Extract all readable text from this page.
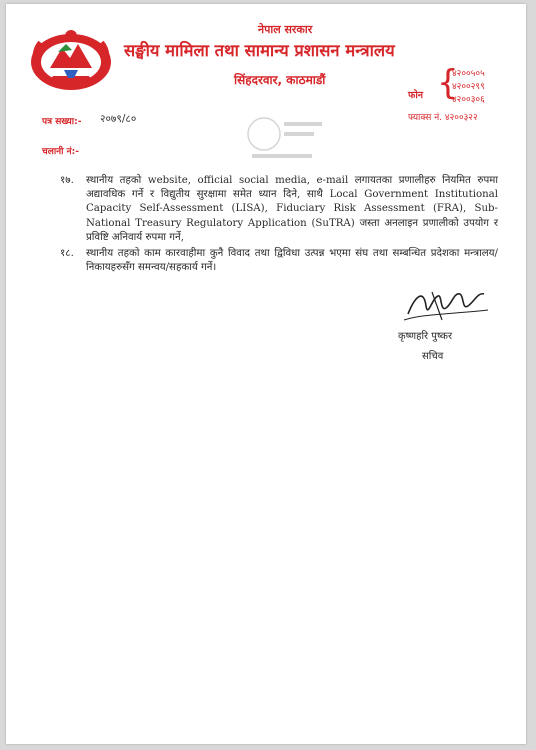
नेपाल सरकार
सङ्घीय मामिला तथा सामान्य प्रशासन मन्त्रालय
सिंहदरवार, काठमाडौं
फोन {
४२००५०५
४२००२९९
४२००३०६
फ्याक्स नं. ४२००३२२
पत्र सख्या:- २०७९/८०
चलानी नं:-
१७.	स्थानीय तहको website, official social media, e-mail लगायतका प्रणालीहरु नियमित रुपमा अद्यावधिक गर्ने र विद्युतीय सुरक्षामा समेत ध्यान दिने, साथै Local Government Institutional Capacity Self-Assessment (LISA), Fiduciary Risk Assessment (FRA), Sub-National Treasury Regulatory Application (SuTRA) जस्ता अनलाइन प्रणालीको उपयोग र प्रविष्टि अनिवार्य रुपमा गर्ने,
१८.	स्थानीय तहको काम कारवाहीमा कुनै विवाद तथा द्विविधा उत्पन्न भएमा संघ तथा सम्बन्धित प्रदेशका मन्त्रालय/निकायहरुसँग समन्वय/सहकार्य गर्ने।
कृष्णहरि पुष्कर
सचिव
